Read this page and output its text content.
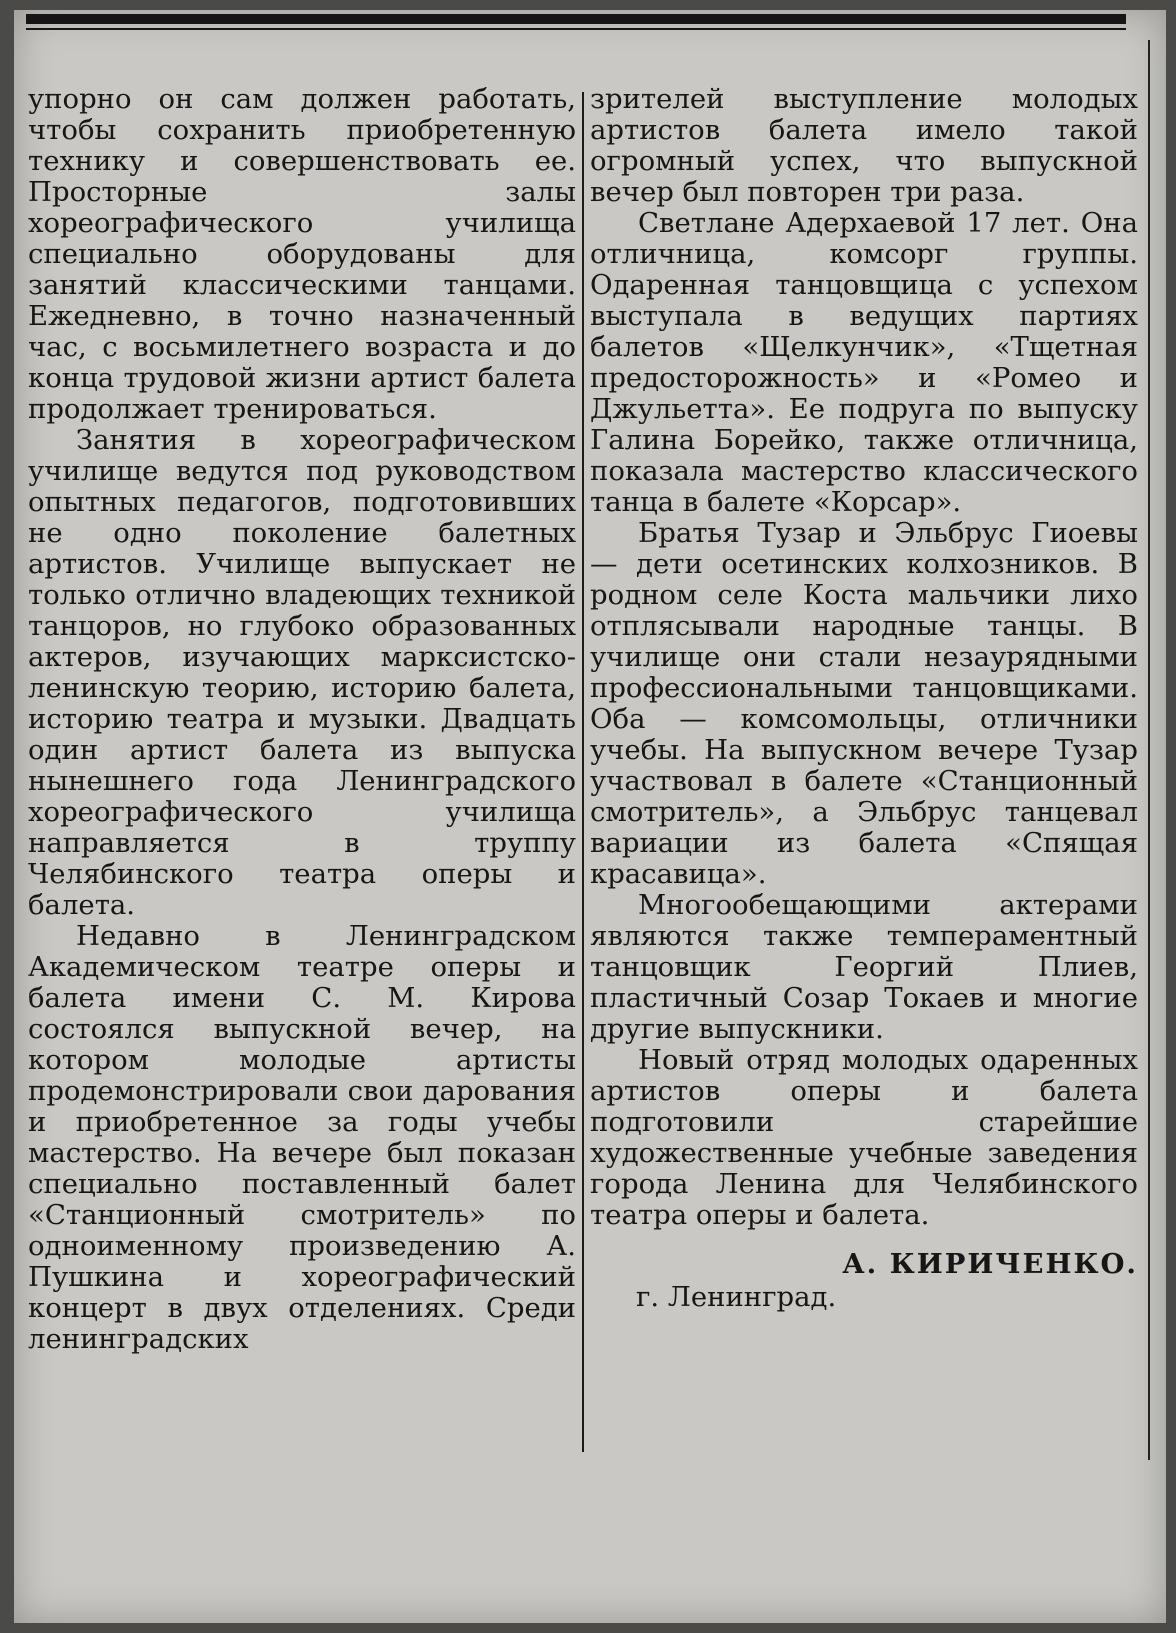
упорно он сам должен работать, чтобы сохранить приобретенную технику и совершенствовать ее. Просторные залы хореографического училища специально оборудованы для занятий классическими танцами. Ежедневно, в точно назначенный час, с восьмилетнего возраста и до конца трудовой жизни артист балета продолжает тренироваться.

Занятия в хореографическом училище ведутся под руководством опытных педагогов, подготовивших не одно поколение балетных артистов. Училище выпускает не только отлично владеющих техникой танцоров, но глубоко образованных актеров, изучающих марксистско-ленинскую теорию, историю балета, историю театра и музыки. Двадцать один артист балета из выпуска нынешнего года Ленинградского хореографического училища направляется в труппу Челябинского театра оперы и балета.

Недавно в Ленинградском Академическом театре оперы и балета имени С. М. Кирова состоялся выпускной вечер, на котором молодые артисты продемонстрировали свои дарования и приобретенное за годы учебы мастерство. На вечере был показан специально поставленный балет «Станционный смотритель» по одноименному произведению А. Пушкина и хореографический концерт в двух отделениях. Среди ленинградских

зрителей выступление молодых артистов балета имело такой огромный успех, что выпускной вечер был повторен три раза.

Светлане Адерхаевой 17 лет. Она отличница, комсорг группы. Одаренная танцовщица с успехом выступала в ведущих партиях балетов «Щелкунчик», «Тщетная предосторожность» и «Ромео и Джульетта». Ее подруга по выпуску Галина Борейко, также отличница, показала мастерство классического танца в балете «Корсар».

Братья Тузар и Эльбрус Гиоевы — дети осетинских колхозников. В родном селе Коста мальчики лихо отплясывали народные танцы. В училище они стали незаурядными профессиональными танцовщиками. Оба — комсомольцы, отличники учебы. На выпускном вечере Тузар участвовал в балете «Станционный смотритель», а Эльбрус танцевал вариации из балета «Спящая красавица».

Многообещающими актерами являются также темпераментный танцовщик Георгий Плиев, пластичный Созар Токаев и многие другие выпускники.

Новый отряд молодых одаренных артистов оперы и балета подготовили старейшие художественные учебные заведения города Ленина для Челябинского театра оперы и балета.

А. КИРИЧЕНКО.

г. Ленинград.
